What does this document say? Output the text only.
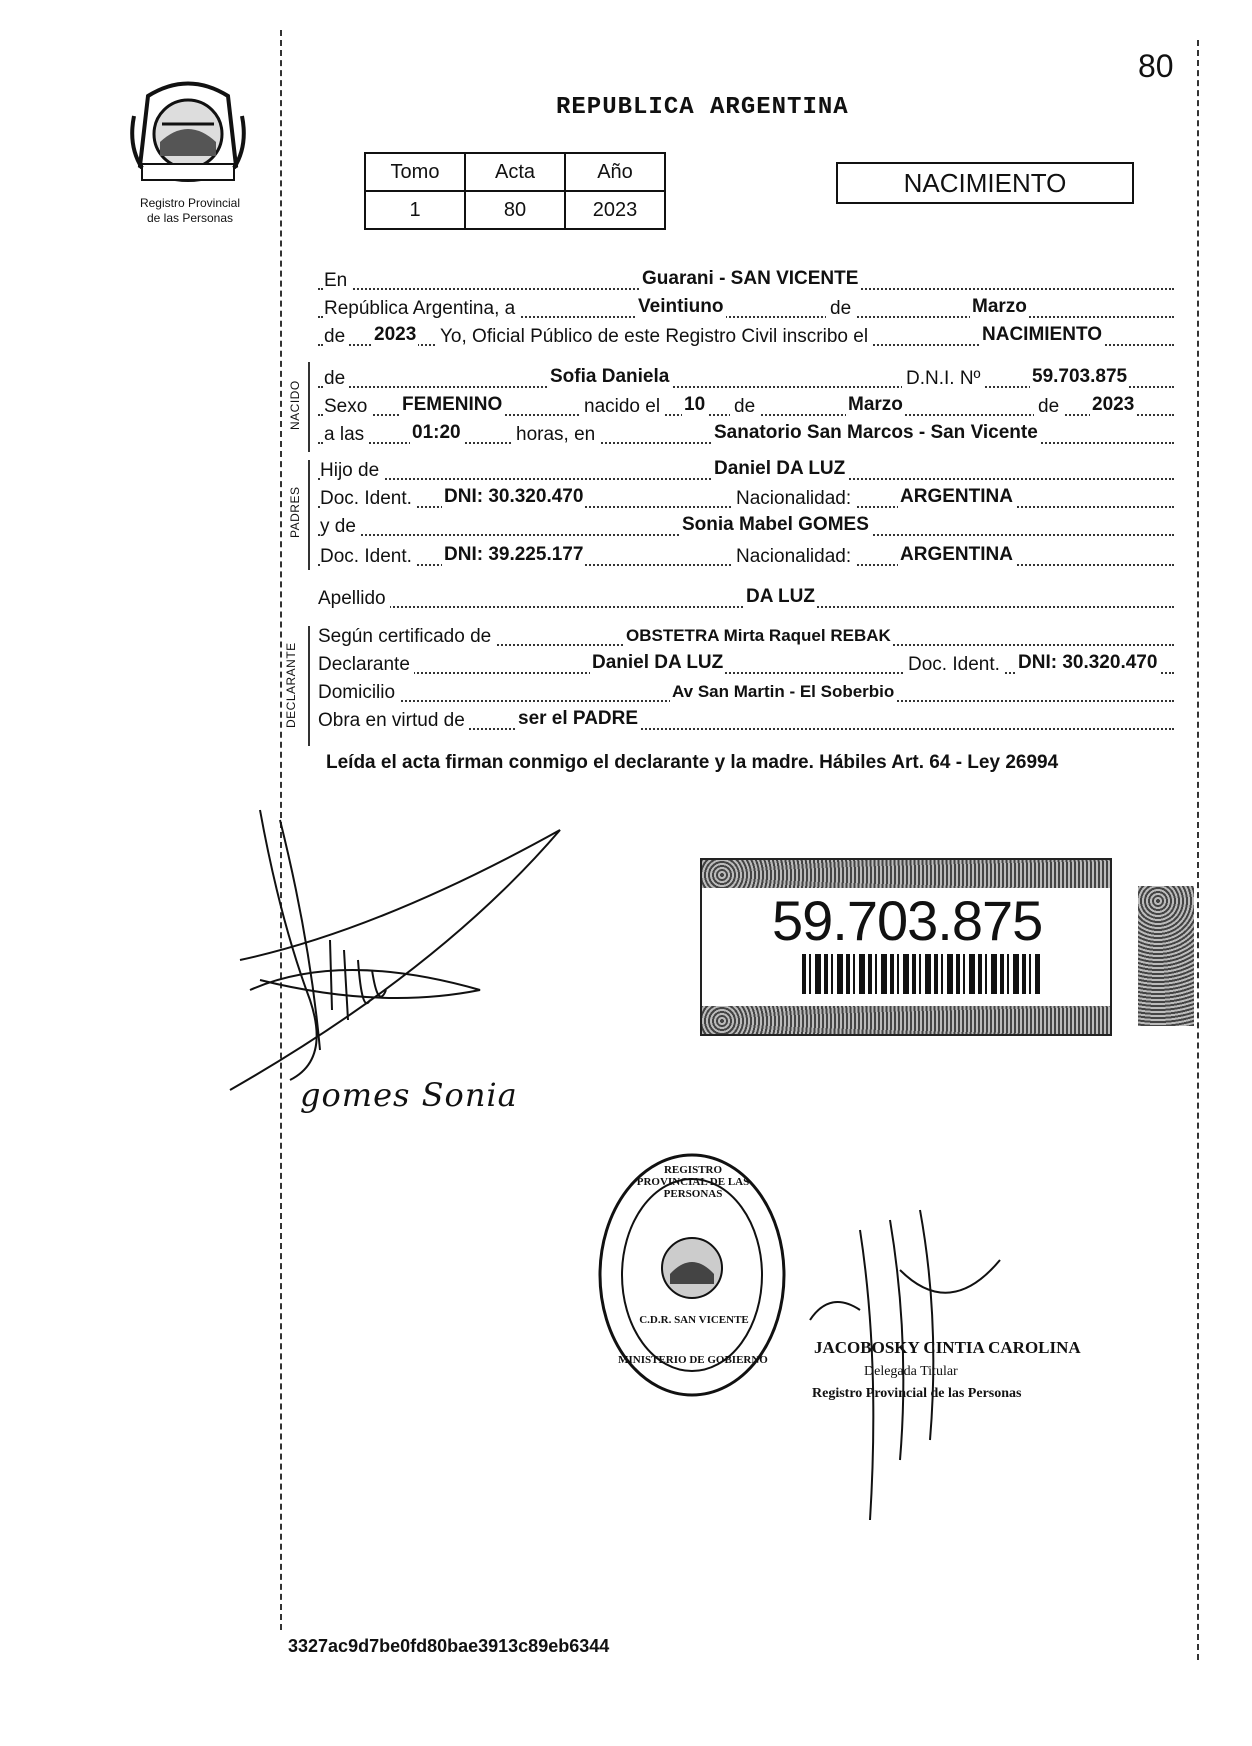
80
Registro Provincial
de las Personas
REPUBLICA ARGENTINA
Tomo	Acta	Año
1	80	2023
NACIMIENTO
NACIDO
PADRES
DECLARANTE
En	Guarani - SAN VICENTE
República Argentina, a	Veintiuno	de	Marzo
de 2023 Yo, Oficial Público de este Registro Civil inscribo el	NACIMIENTO
de	Sofia Daniela	D.N.I. Nº	59.703.875
Sexo FEMENINO	nacido el 10 de	Marzo	de 2023
a las	01:20	horas, en	Sanatorio San Marcos - San Vicente
Hijo de	Daniel DA LUZ
Doc. Ident. DNI: 30.320.470	Nacionalidad:	ARGENTINA
y de	Sonia Mabel GOMES
Doc. Ident. DNI: 39.225.177	Nacionalidad:	ARGENTINA
Apellido	DA LUZ
Según certificado de	OBSTETRA Mirta Raquel REBAK
Declarante	Daniel DA LUZ	Doc. Ident. DNI: 30.320.470
Domicilio	Av San Martin - El Soberbio
Obra en virtud de	ser el PADRE
Leída el acta firman conmigo el declarante y la madre. Hábiles Art. 64 - Ley 26994
gomes Sonia
59.703.875
REGISTRO PROVINCIAL DE LAS PERSONAS
C.D.R. SAN VICENTE
MINISTERIO DE GOBIERNO
JACOBOSKY CINTIA CAROLINA
Delegada Titular
Registro Provincial de las Personas
3327ac9d7be0fd80bae3913c89eb6344
